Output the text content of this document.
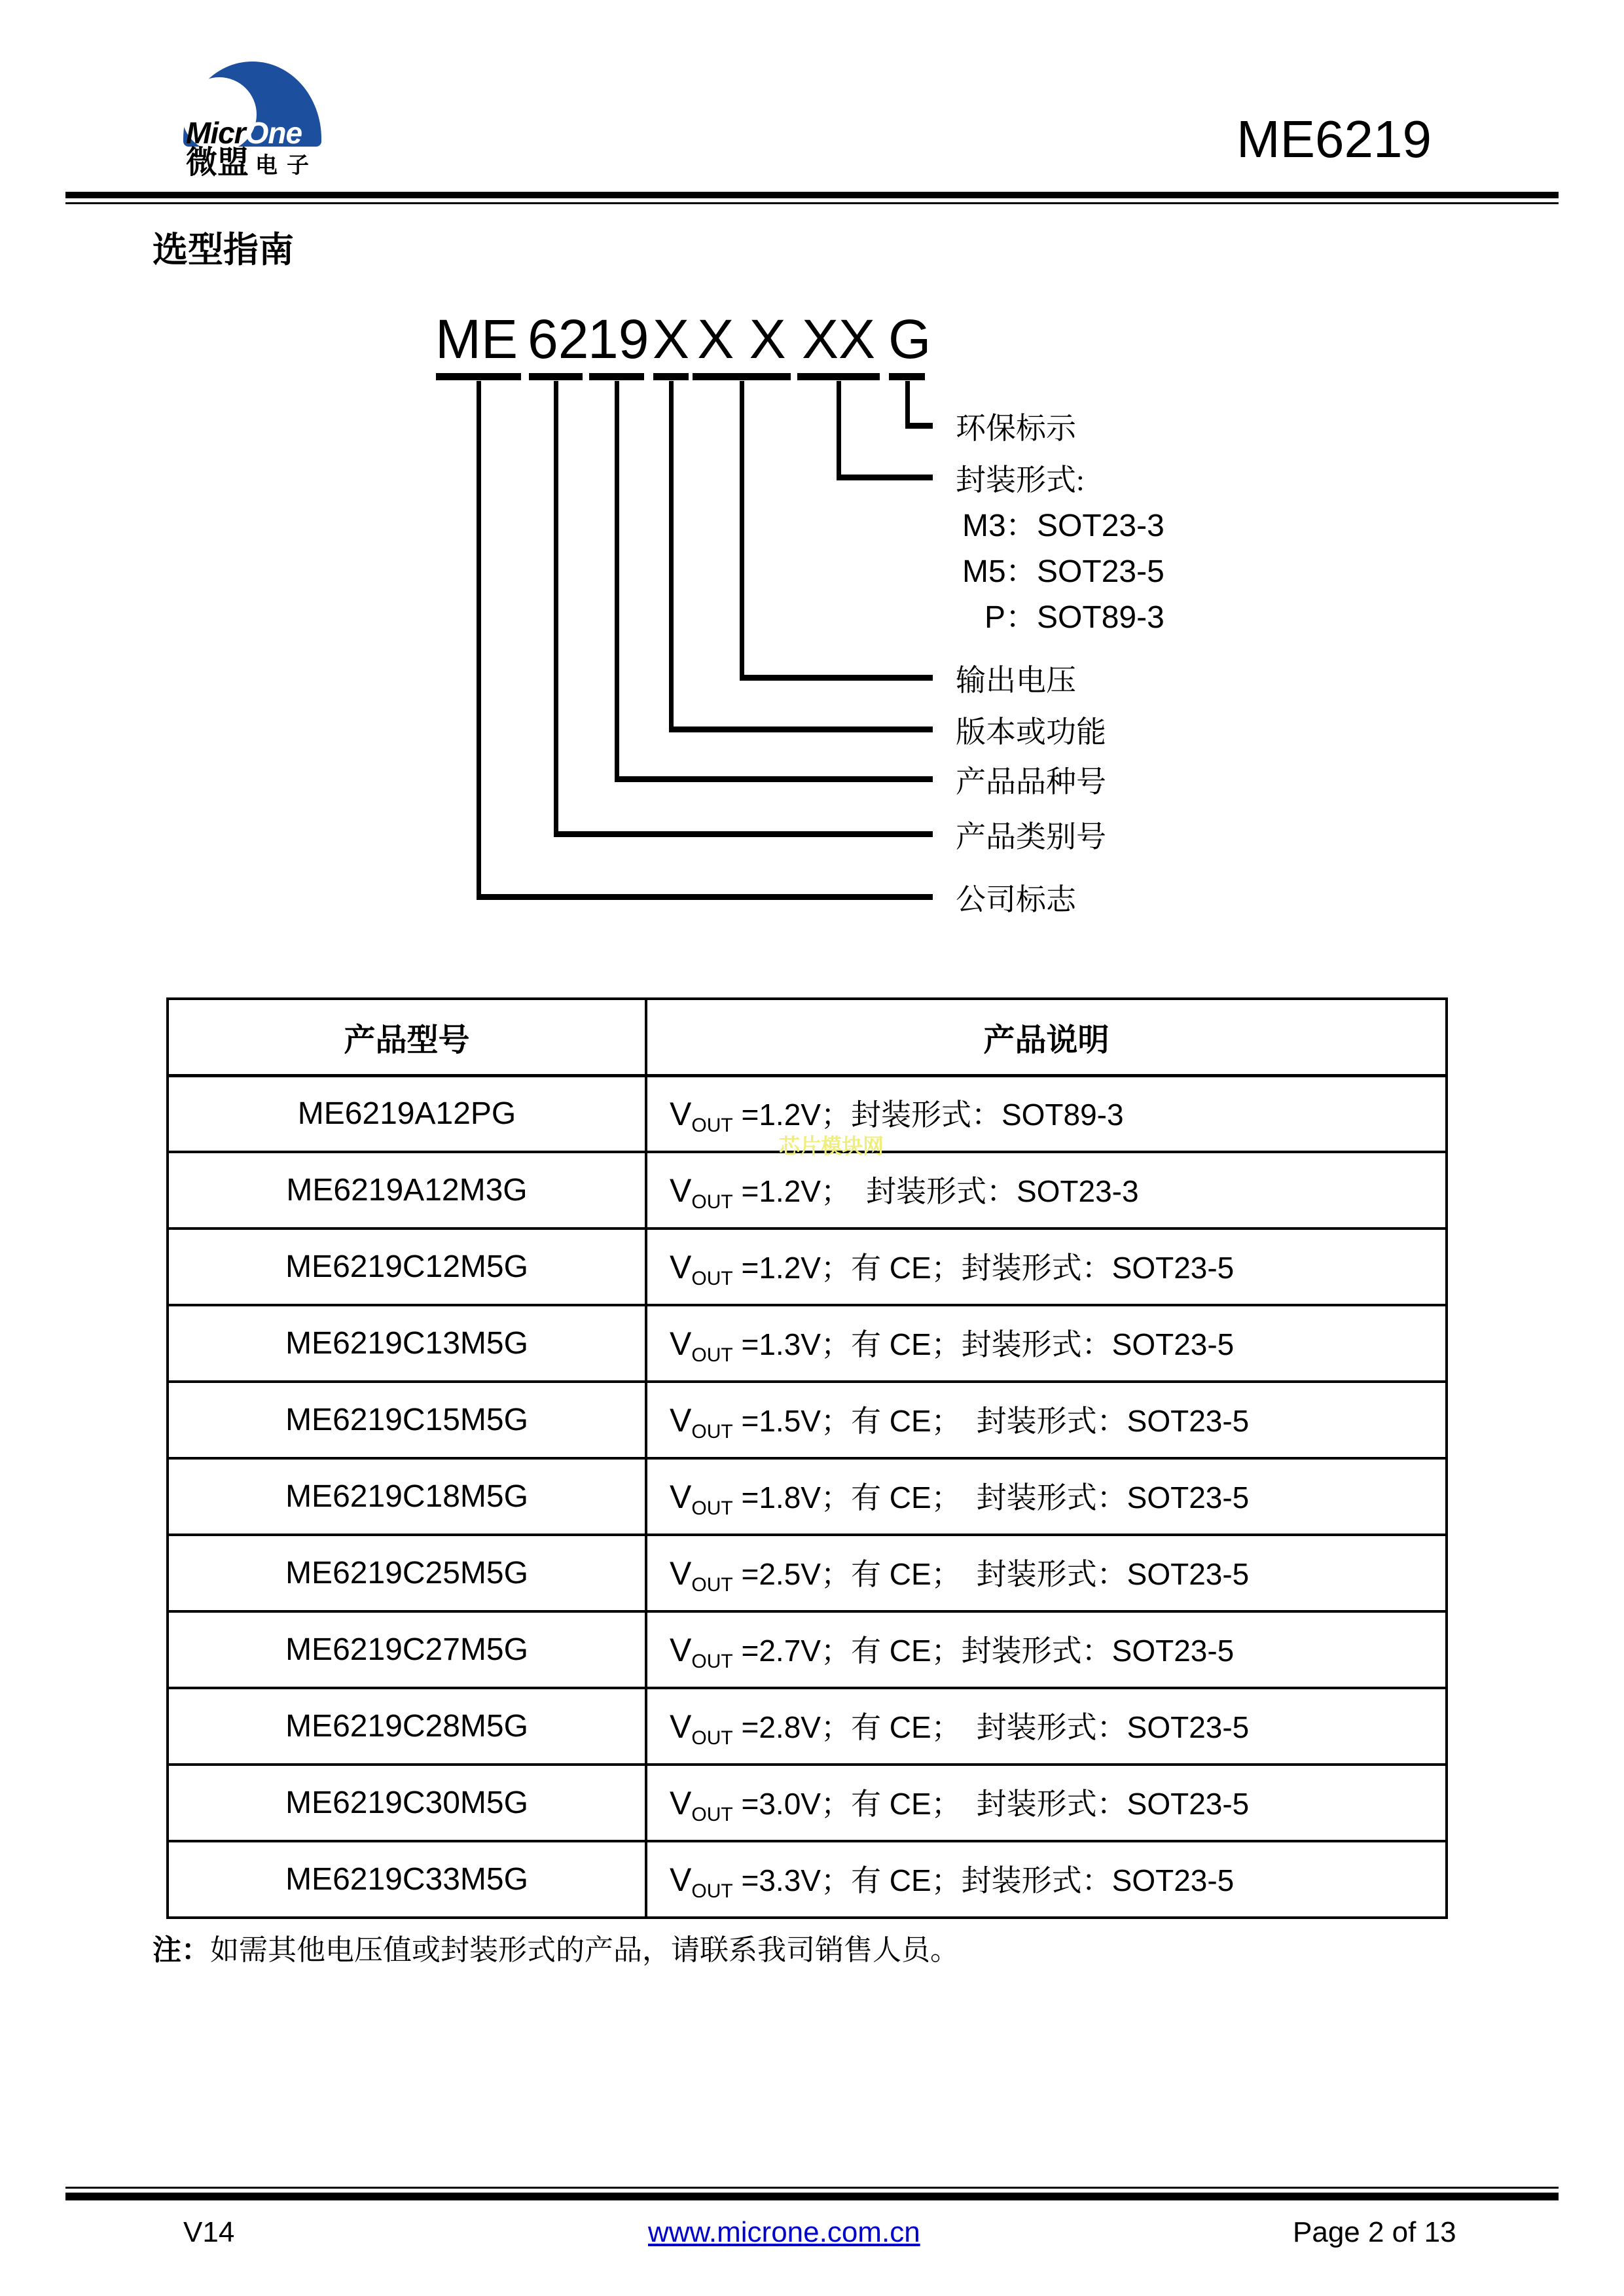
MicrOne
微盟 电子	ME6219
选型指南
ME 62
19 X X X XX G
环保标示
封装形式:
M3：SOT23-3
M5：SOT23-5
P：SOT89-3
输出电压
版本或功能
产品品种号
产品类别号
公司标志
产品型号	产品说明
ME6219A12PG	$V_{OUT} =1.2V$；封装形式：SOT89-3
ME6219A12M3G	$V_{OUT} =1.2V$；　封装形式：SOT23-3
ME6219C12M5G	$V_{OUT} =1.2V$；有 CE；封装形式：SOT23-5
ME6219C13M5G	$V_{OUT} =1.3V$；有 CE；封装形式：SOT23-5
ME6219C15M5G	$V_{OUT} =1.5V$；有 CE；　封装形式：SOT23-5
ME6219C18M5G	$V_{OUT} =1.8V$；有 CE；　封装形式：SOT23-5
ME6219C25M5G	$V_{OUT} =2.5V$；有 CE；　封装形式：SOT23-5
ME6219C27M5G	$V_{OUT} =2.7V$；有 CE；封装形式：SOT23-5
ME6219C28M5G	$V_{OUT} =2.8V$；有 CE；　封装形式：SOT23-5
ME6219C30M5G	$V_{OUT} =3.0V$；有 CE；　封装形式：SOT23-5
ME6219C33M5G	$V_{OUT} =3.3V$；有 CE；封装形式：SOT23-5
芯片模块网
注：如需其他电压值或封装形式的产品，请联系我司销售人员。
V14	www.microne.com.cn	Page 2 of 13
